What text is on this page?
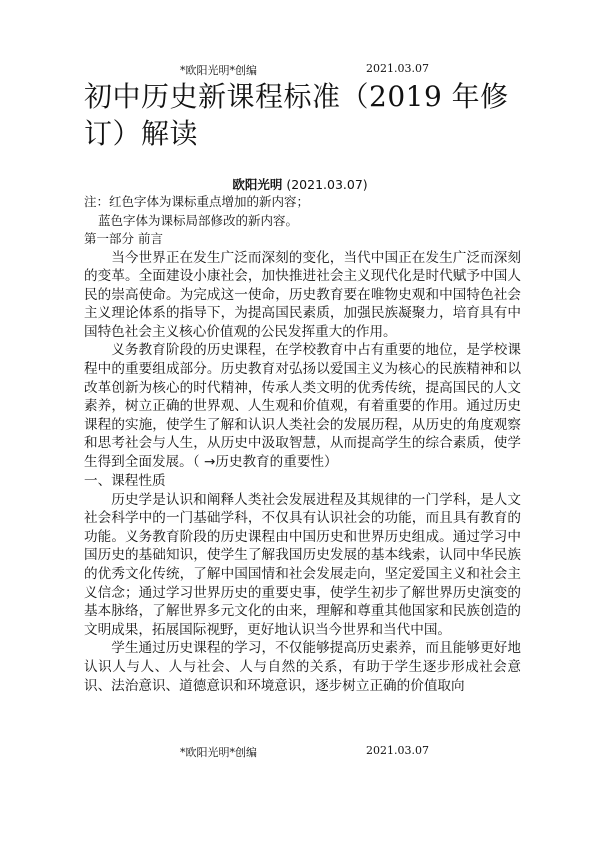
*欧阳光明*创编	2021.03.07
初中历史新课程标准（2019 年修订）解读
欧阳光明 (2021.03.07)

注：红色字体为课标重点增加的新内容；

蓝色字体为课标局部修改的新内容。

第一部分 前言

当今世界正在发生广泛而深刻的变化，当代中国正在发生广泛而深刻的变革。全面建设小康社会，加快推进社会主义现代化是时代赋予中国人民的崇高使命。为完成这一使命，历史教育要在唯物史观和中国特色社会主义理论体系的指导下，为提高国民素质，加强民族凝聚力，培育具有中国特色社会主义核心价值观的公民发挥重大的作用。

义务教育阶段的历史课程，在学校教育中占有重要的地位，是学校课程中的重要组成部分。历史教育对弘扬以爱国主义为核心的民族精神和以改革创新为核心的时代精神，传承人类文明的优秀传统，提高国民的人文素养，树立正确的世界观、人生观和价值观，有着重要的作用。通过历史课程的实施，使学生了解和认识人类社会的发展历程，从历史的角度观察和思考社会与人生，从历史中汲取智慧，从而提高学生的综合素质，使学生得到全面发展。（ →历史教育的重要性）

一、课程性质

历史学是认识和阐释人类社会发展进程及其规律的一门学科，是人文社会科学中的一门基础学科，不仅具有认识社会的功能，而且具有教育的功能。义务教育阶段的历史课程由中国历史和世界历史组成。通过学习中国历史的基础知识，使学生了解我国历史发展的基本线索，认同中华民族的优秀文化传统，了解中国国情和社会发展走向，坚定爱国主义和社会主义信念；通过学习世界历史的重要史事，使学生初步了解世界历史演变的基本脉络，了解世界多元文化的由来，理解和尊重其他国家和民族创造的文明成果，拓展国际视野，更好地认识当今世界和当代中国。

学生通过历史课程的学习，不仅能够提高历史素养，而且能够更好地认识人与人、人与社会、人与自然的关系，有助于学生逐步形成社会意识、法治意识、道德意识和环境意识，逐步树立正确的价值取向

*欧阳光明*创编	2021.03.07
